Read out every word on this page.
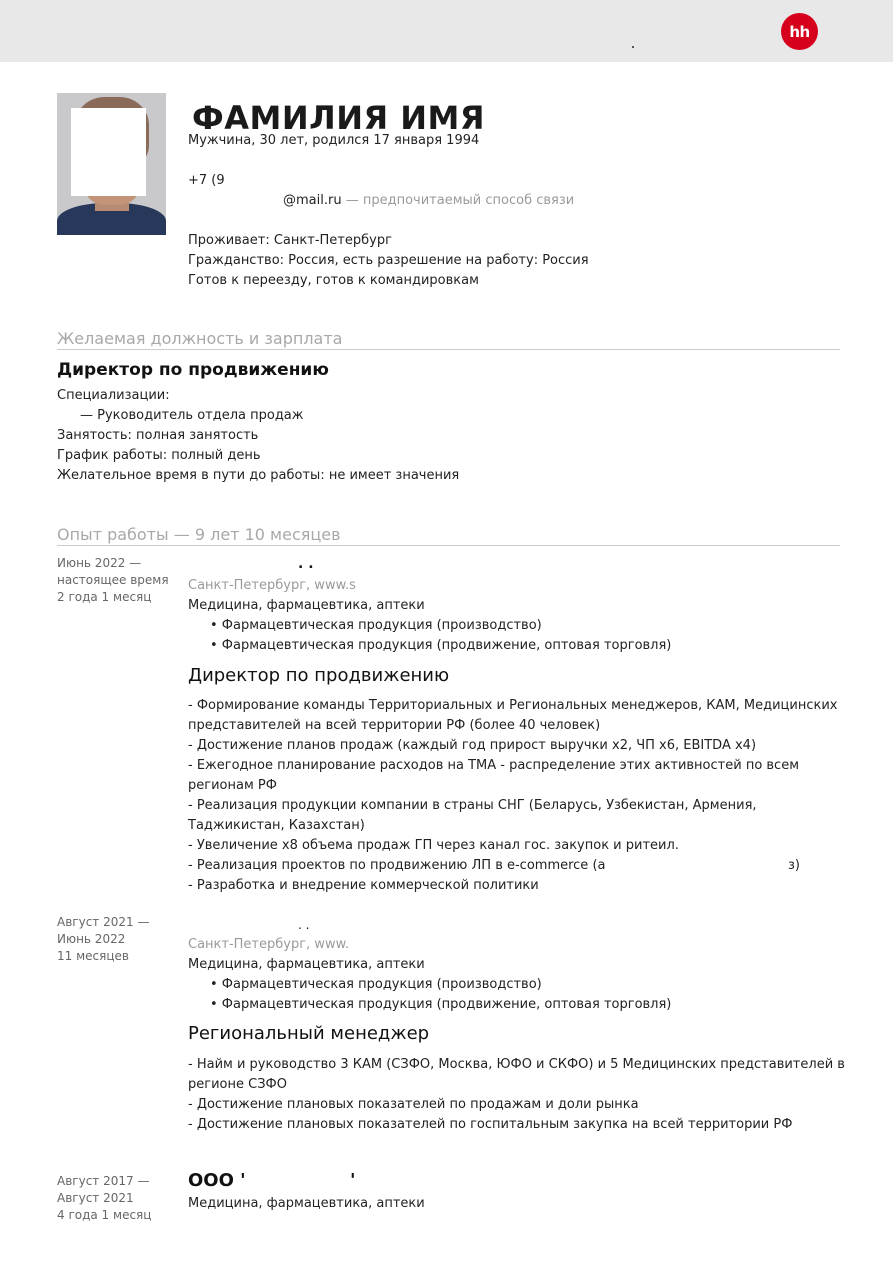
hh
ФАМИЛИЯ ИМЯ
Мужчина, 30 лет, родился 17 января 1994
+7 (9
@mail.ru — предпочитаемый способ связи
Проживает: Санкт-Петербург
Гражданство: Россия, есть разрешение на работу: Россия
Готов к переезду, готов к командировкам
Желаемая должность и зарплата
Директор по продвижению
Специализации:
— Руководитель отдела продаж
Занятость: полная занятость
График работы: полный день
Желательное время в пути до работы: не имеет значения
Опыт работы — 9 лет 10 месяцев
Июнь 2022 —
настоящее время
2 года 1 месяц
. .
Санкт-Петербург, www.s
Медицина, фармацевтика, аптеки
• Фармацевтическая продукция (производство)
• Фармацевтическая продукция (продвижение, оптовая торговля)
Директор по продвижению
- Формирование команды Территориальных и Региональных менеджеров, КАМ, Медицинских
представителей на всей территории РФ (более 40 человек)
- Достижение планов продаж (каждый год прирост выручки x2, ЧП x6, EBITDA x4)
- Ежегодное планирование расходов на ТМА - распределение этих активностей по всем
регионам РФ
- Реализация продукции компании в страны СНГ (Беларусь, Узбекистан, Армения,
Таджикистан, Казахстан)
- Увеличение x8 объема продаж ГП через канал гос. закупок и ритеил.
- Реализация проектов по продвижению ЛП в e-commerce (а	з)
- Разработка и внедрение коммерческой политики
Август 2021 —
Июнь 2022
11 месяцев
. .
Санкт-Петербург, www.
Медицина, фармацевтика, аптеки
• Фармацевтическая продукция (производство)
• Фармацевтическая продукция (продвижение, оптовая торговля)
Региональный менеджер
- Найм и руководство 3 КАМ (СЗФО, Москва, ЮФО и СКФО) и 5 Медицинских представителей в
регионе СЗФО
- Достижение плановых показателей по продажам и доли рынка
- Достижение плановых показателей по госпитальным закупка на всей территории РФ
Август 2017 —
Август 2021
4 года 1 месяц
ООО '	'
Медицина, фармацевтика, аптеки
